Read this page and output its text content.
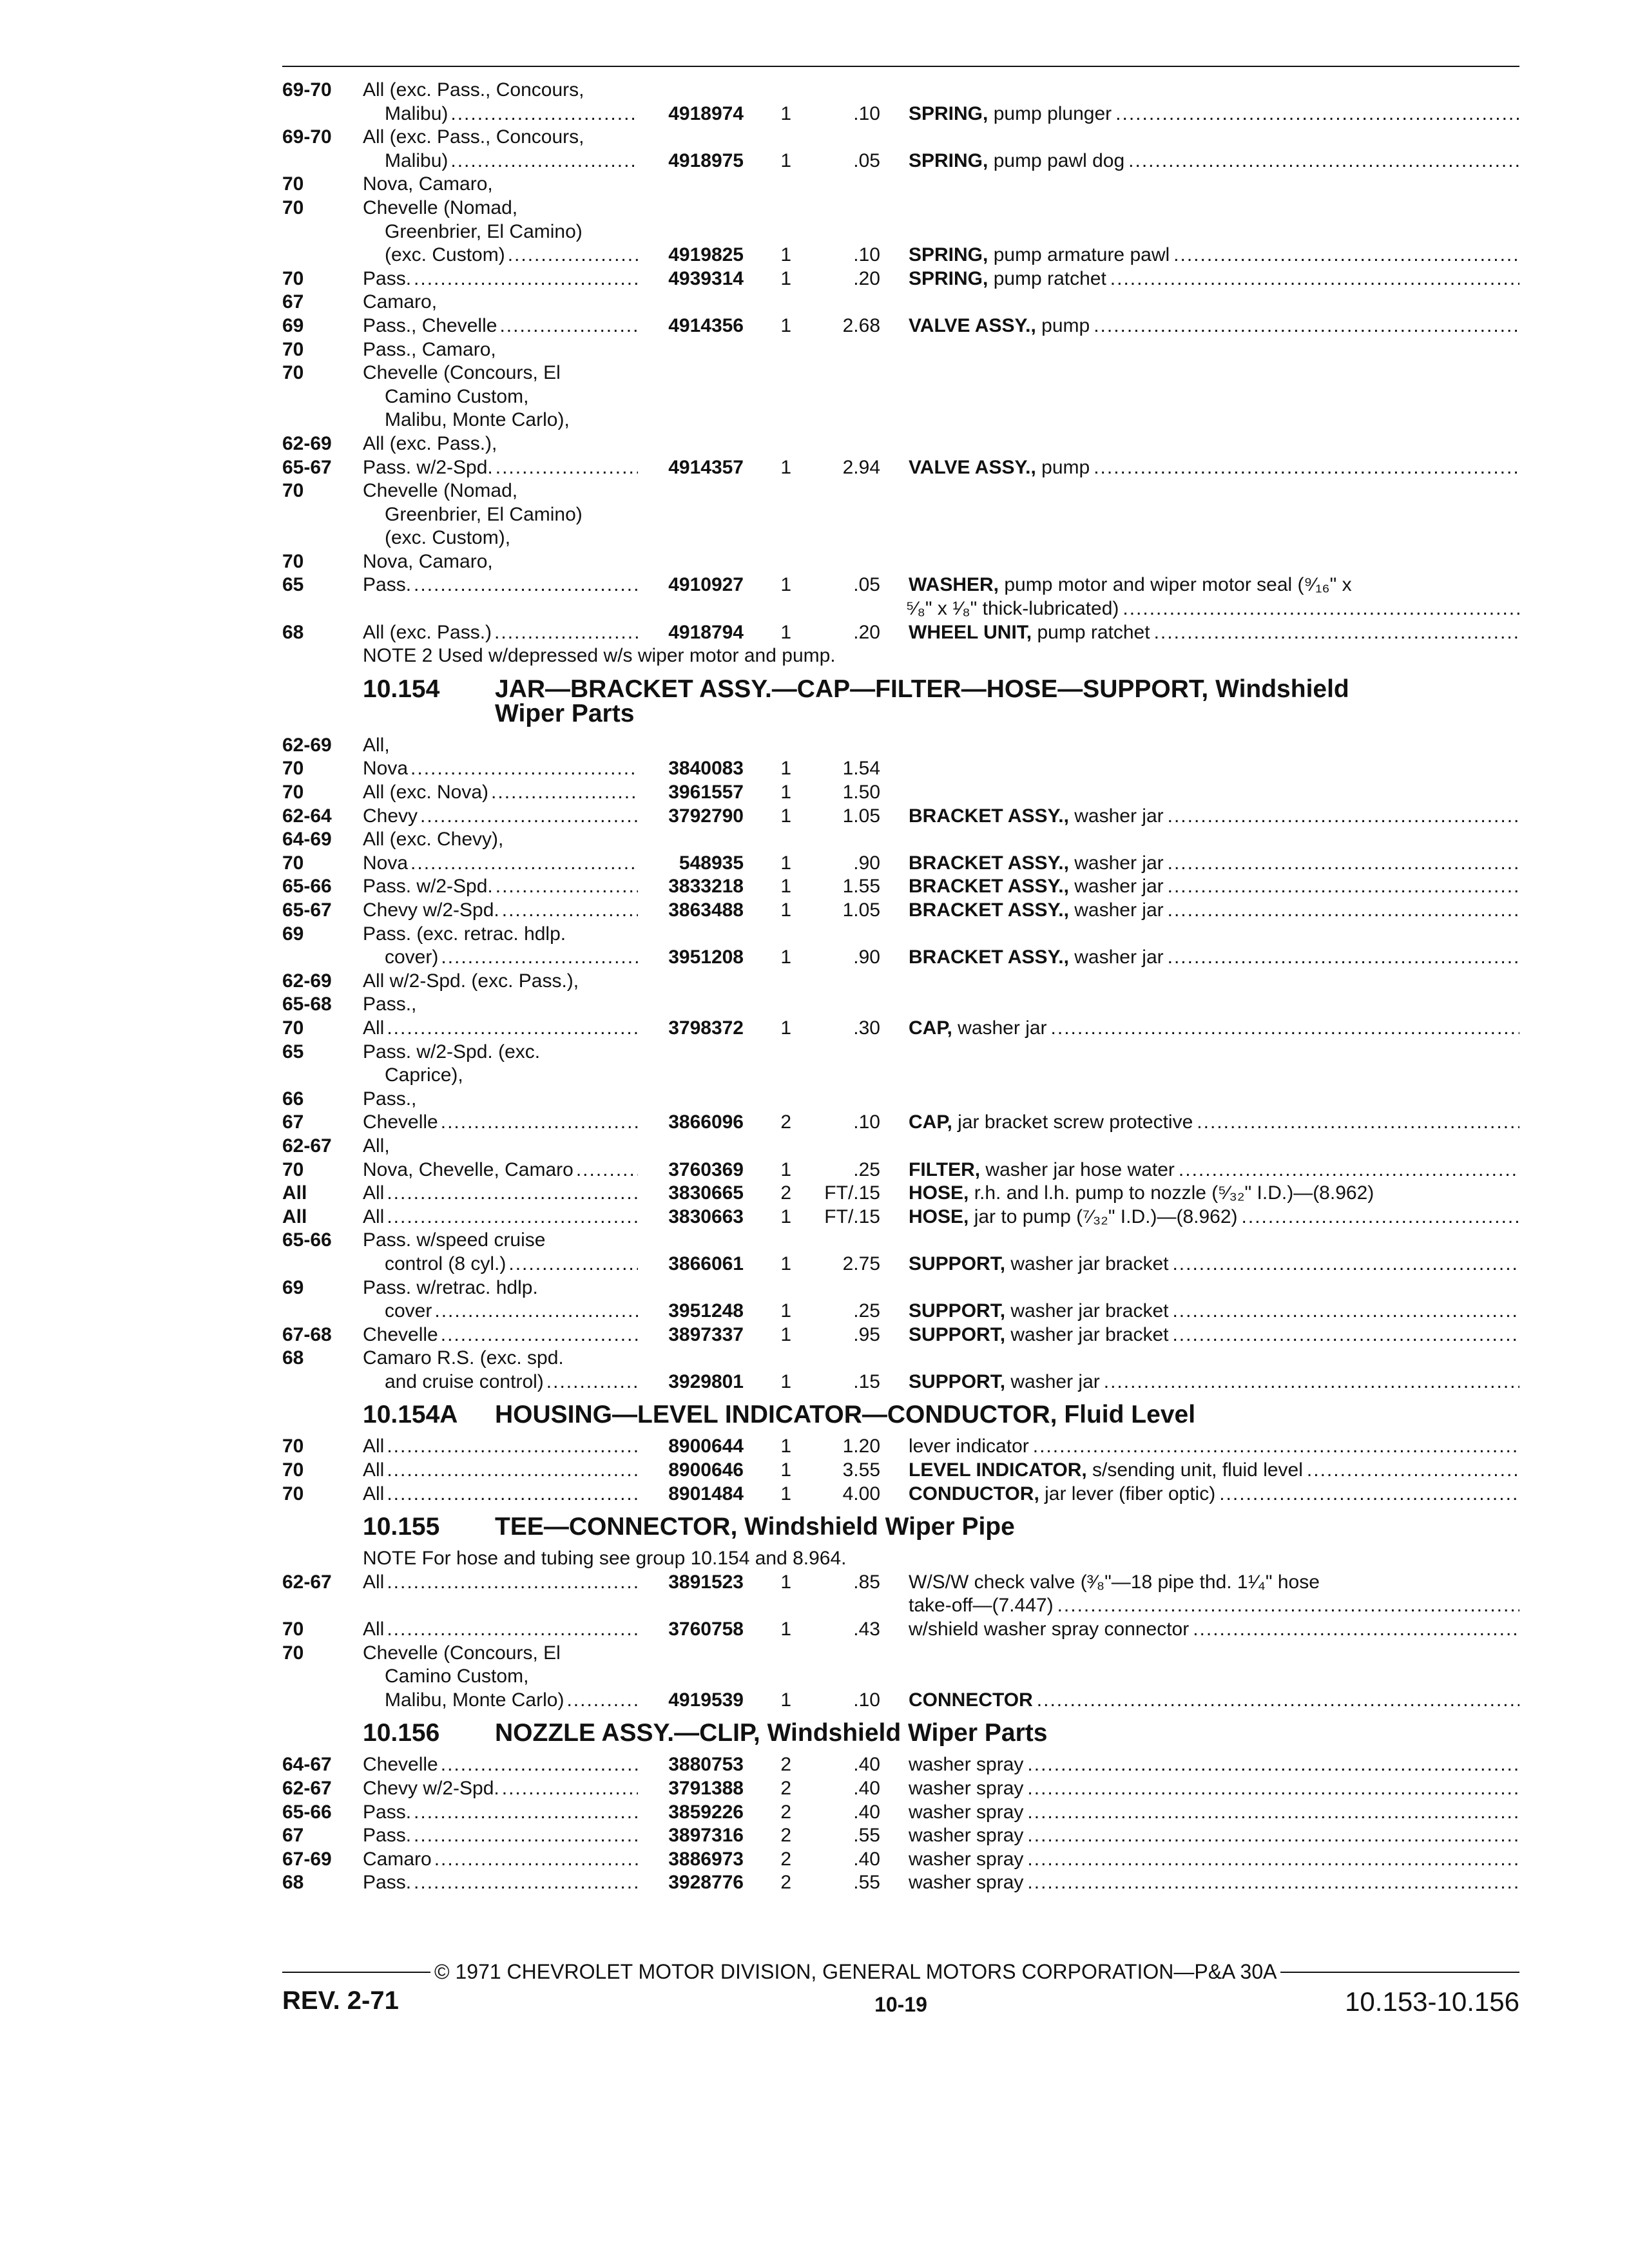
69-70	All (exc. Pass., Concours,
Malibu) .....	4918974	1	.10 SPRING, pump plunger
.....
69-70	All (exc. Pass., Concours,
Malibu) .....	4918975	1	.05 SPRING, pump pawl dog
.....
70	Nova, Camaro,
70	Chevelle (Nomad,
Greenbrier, El Camino)
(exc. Custom) .....	4919825	1	.10 SPRING, pump armature pawl
.....
70	Pass. .....	4939314	1	.20 SPRING, pump ratchet
.....
67	Camaro,
69	Pass., Chevelle .....	4914356	1	2.68 VALVE ASSY., pump
.....
70	Pass., Camaro,
70	Chevelle (Concours, El
Camino Custom,
Malibu, Monte Carlo),
62-69	All (exc. Pass.),
65-67	Pass. w/2-Spd. .....	4914357	1	2.94 VALVE ASSY., pump
.....
70	Chevelle (Nomad,
Greenbrier, El Camino)
(exc. Custom),
70	Nova, Camaro,
65	Pass. .....	4910927	1	.05 WASHER, pump motor and wiper motor seal (⁹⁄₁₆" x
⁵⁄₈" x ¹⁄₈" thick-lubricated)
.....
68	All (exc. Pass.) .....	4918794	1	.20 WHEEL UNIT, pump ratchet
.....
NOTE 2 Used w/depressed w/s wiper motor and pump.
10.154	JAR—BRACKET ASSY.—CAP—FILTER—HOSE—SUPPORT, Windshield
Wiper Parts
62-69	All,
70	Nova .....	3840083	1	1.54
70	All (exc. Nova) .....	3961557	1	1.50
62-64	Chevy .....	3792790	1	1.05 BRACKET ASSY., washer jar
.....
64-69	All (exc. Chevy),
70	Nova .....	548935	1	.90 BRACKET ASSY., washer jar
.....
65-66	Pass. w/2-Spd. .....	3833218	1	1.55 BRACKET ASSY., washer jar
.....
65-67	Chevy w/2-Spd. .....	3863488	1	1.05 BRACKET ASSY., washer jar
.....
69	Pass. (exc. retrac. hdlp.
cover) .....	3951208	1	.90 BRACKET ASSY., washer jar
.....
62-69	All w/2-Spd. (exc. Pass.),
65-68	Pass.,
70	All .....	3798372	1	.30 CAP, washer jar
.....
65	Pass. w/2-Spd. (exc.
Caprice),
66	Pass.,
67	Chevelle .....	3866096	2	.10 CAP, jar bracket screw protective
.....
62-67	All,
70	Nova, Chevelle, Camaro .....	3760369	1	.25 FILTER, washer jar hose water
.....
All	All .....	3830665	2	FT/.15 HOSE, r.h. and l.h. pump to nozzle (⁵⁄₃₂" I.D.)—(8.962)
All	All .....	3830663	1	FT/.15 HOSE, jar to pump (⁷⁄₃₂" I.D.)—(8.962)
.....
65-66	Pass. w/speed cruise
control (8 cyl.) .....	3866061	1	2.75 SUPPORT, washer jar bracket
.....
69	Pass. w/retrac. hdlp.
cover .....	3951248	1	.25 SUPPORT, washer jar bracket
.....
67-68	Chevelle .....	3897337	1	.95 SUPPORT, washer jar bracket
.....
68	Camaro R.S. (exc. spd.
and cruise control) .....	3929801	1	.15 SUPPORT, washer jar
.....
10.154A	HOUSING—LEVEL INDICATOR—CONDUCTOR, Fluid Level
70	All .....	8900644	1	1.20 lever indicator
.....
70	All .....	8900646	1	3.55 LEVEL INDICATOR, s/sending unit, fluid level
.....
70	All .....	8901484	1	4.00 CONDUCTOR, jar lever (fiber optic)
.....
10.155	TEE—CONNECTOR, Windshield Wiper Pipe
NOTE For hose and tubing see group 10.154 and 8.964.
62-67	All .....	3891523	1	.85 W/S/W check valve (³⁄₈"—18 pipe thd. 1¹⁄₄" hose
take-off—(7.447)
.....
70	All .....	3760758	1	.43 w/shield washer spray connector
.....
70	Chevelle (Concours, El
Camino Custom,
Malibu, Monte Carlo) .....	4919539	1	.10 CONNECTOR
.....
10.156	NOZZLE ASSY.—CLIP, Windshield Wiper Parts
64-67	Chevelle .....	3880753	2	.40 washer spray
.....
62-67	Chevy w/2-Spd. .....	3791388	2	.40 washer spray
.....
65-66	Pass. .....	3859226	2	.40 washer spray
.....
67	Pass. .....	3897316	2	.55 washer spray
.....
67-69	Camaro .....	3886973	2	.40 washer spray
.....
68	Pass. .....	3928776	2	.55 washer spray
.....
© 1971 CHEVROLET MOTOR DIVISION, GENERAL MOTORS CORPORATION—P&A 30A
REV. 2-71	10-19	10.153-10.156
